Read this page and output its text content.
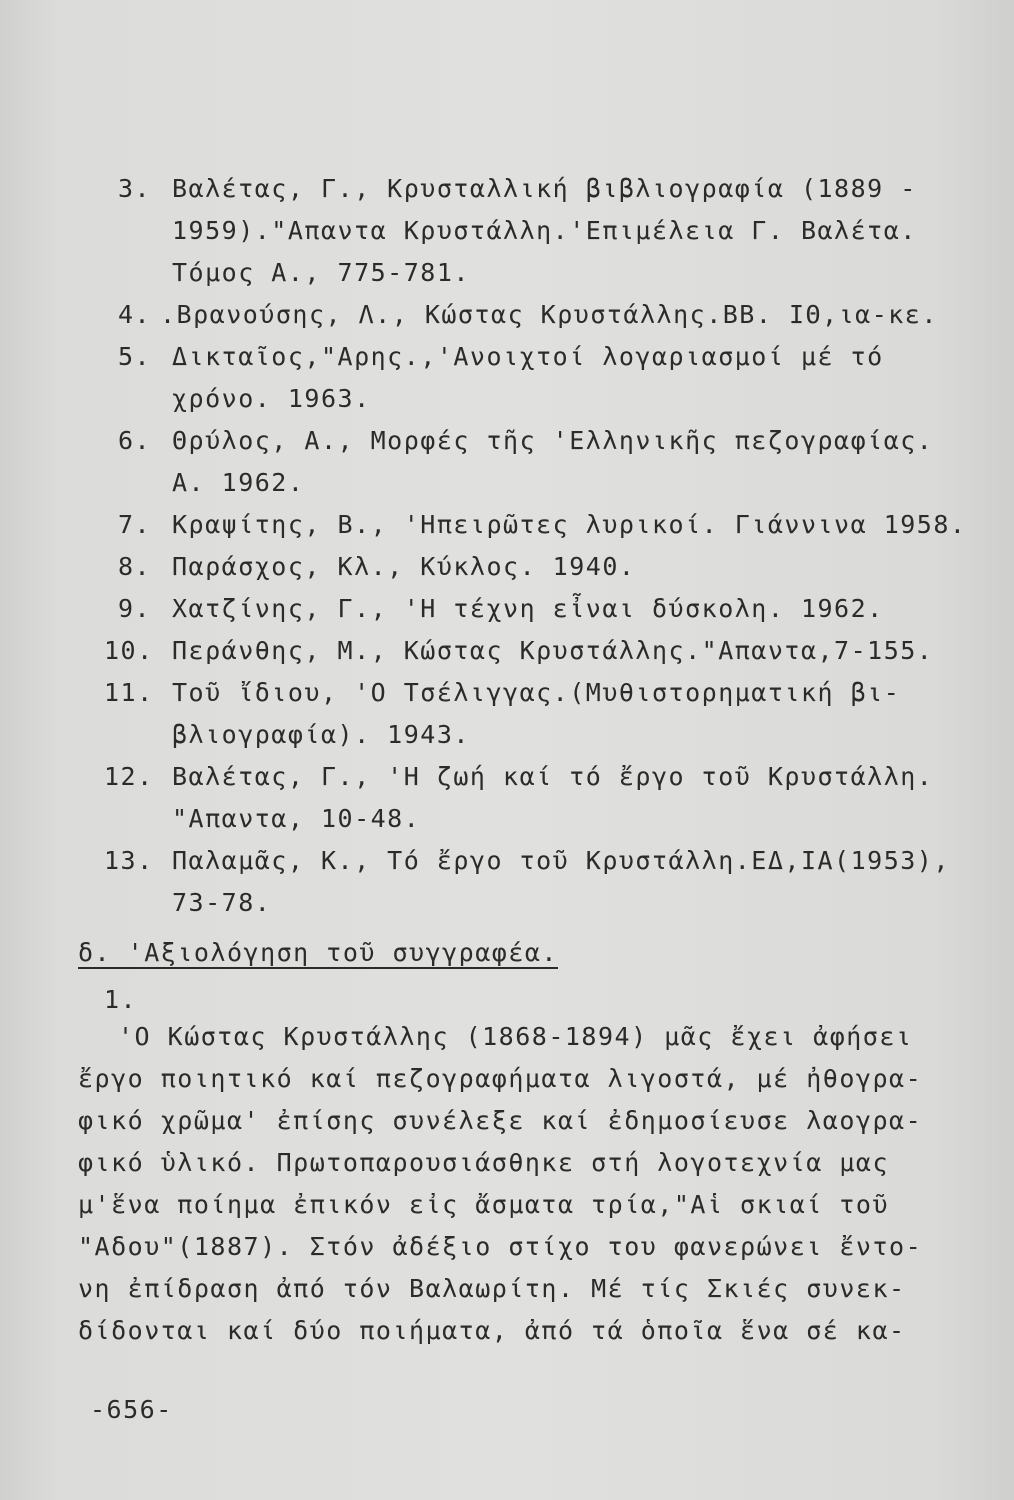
3. Βαλέτας, Γ., Κρυσταλλική βιβλιογραφία (1889 -
1959)."Απαντα Κρυστάλλη.'Επιμέλεια Γ. Βαλέτα.
Τόμος Α., 775-781.
4. .Βρανούσης, Λ., Κώστας Κρυστάλλης.ΒΒ. ΙΘ,ια-κε.
5. Δικταῖος,"Αρης.,'Ανοιχτοί λογαριασμοί μέ τό
χρόνο. 1963.
6. Θρύλος, Α., Μορφές τῆς 'Ελληνικῆς πεζογραφίας.
Α. 1962.
7. Κραψίτης, Β., 'Ηπειρῶτες λυρικοί. Γιάννινα 1958.
8. Παράσχος, Κλ., Κύκλος. 1940.
9. Χατζίνης, Γ., 'Η τέχνη εἶναι δύσκολη. 1962.
10. Περάνθης, Μ., Κώστας Κρυστάλλης."Απαντα,7-155.
11. Τοῦ ἴδιου, 'Ο Τσέλιγγας.(Μυθιστορηματική βι-
βλιογραφία). 1943.
12. Βαλέτας, Γ., 'Η ζωή καί τό ἔργο τοῦ Κρυστάλλη.
"Απαντα, 10-48.
13. Παλαμᾶς, Κ., Τό ἔργο τοῦ Κρυστάλλη.ΕΔ,ΙΑ(1953),
73-78.
δ. 'Αξιολόγηση τοῦ συγγραφέα.
1.
'Ο Κώστας Κρυστάλλης (1868-1894) μᾶς ἔχει ἀφήσει
ἔργο ποιητικό καί πεζογραφήματα λιγοστά, μέ ἠθογρα-
φικό χρῶμα' ἐπίσης συνέλεξε καί ἐδημοσίευσε λαογρα-
φικό ὑλικό. Πρωτοπαρουσιάσθηκε στή λογοτεχνία μας
μ'ἕνα ποίημα ἐπικόν εἰς ἄσματα τρία,"Αἱ σκιαί τοῦ
"Αδου"(1887). Στόν ἀδέξιο στίχο του φανερώνει ἔντο-
νη ἐπίδραση ἀπό τόν Βαλαωρίτη. Μέ τίς Σκιές συνεκ-
δίδονται καί δύο ποιήματα, ἀπό τά ὁποῖα ἕνα σέ κα-
-656-
